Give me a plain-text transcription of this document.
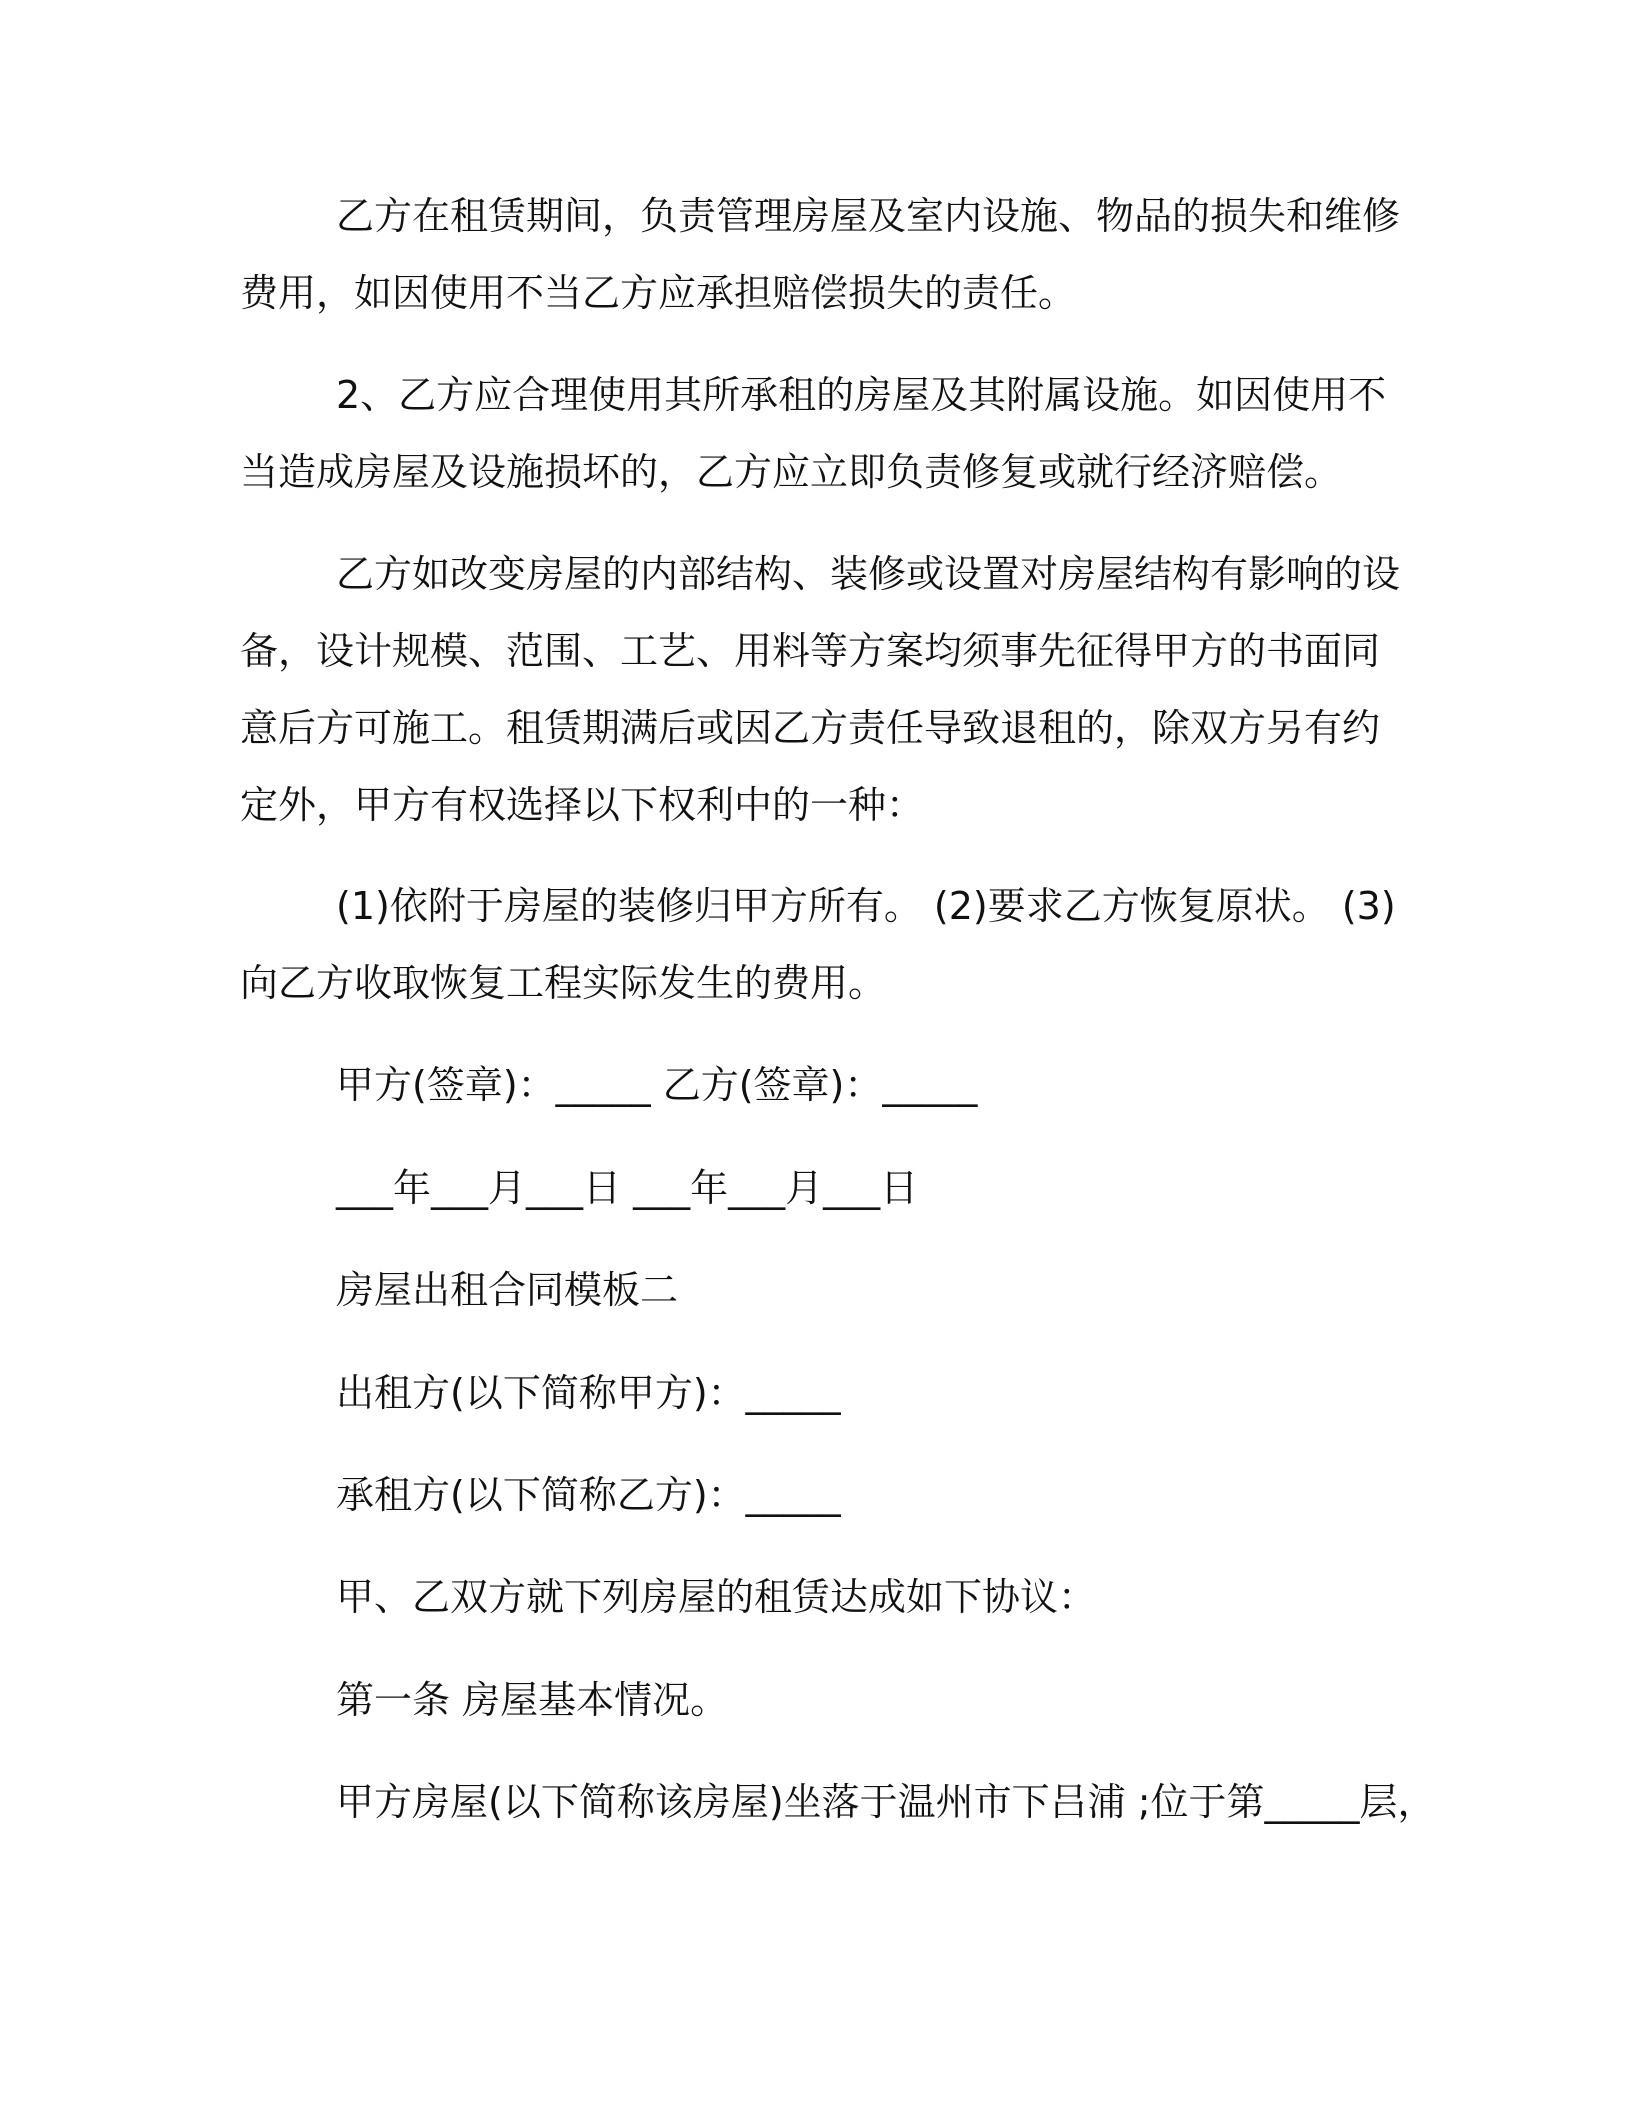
乙方在租赁期间，负责管理房屋及室内设施、物品的损失和维修
费用，如因使用不当乙方应承担赔偿损失的责任。
2、乙方应合理使用其所承租的房屋及其附属设施。如因使用不
当造成房屋及设施损坏的，乙方应立即负责修复或就行经济赔偿。
乙方如改变房屋的内部结构、装修或设置对房屋结构有影响的设
备，设计规模、范围、工艺、用料等方案均须事先征得甲方的书面同
意后方可施工。租赁期满后或因乙方责任导致退租的，除双方另有约
定外，甲方有权选择以下权利中的一种：
(1)依附于房屋的装修归甲方所有。 (2)要求乙方恢复原状。 (3)
向乙方收取恢复工程实际发生的费用。
甲方(签章)：_____ 乙方(签章)：_____
___年___月___日 ___年___月___日
房屋出租合同模板二
出租方(以下简称甲方)：_____
承租方(以下简称乙方)：_____
甲、乙双方就下列房屋的租赁达成如下协议：
第一条 房屋基本情况。
甲方房屋(以下简称该房屋)坐落于温州市下吕浦 ;位于第_____层，
